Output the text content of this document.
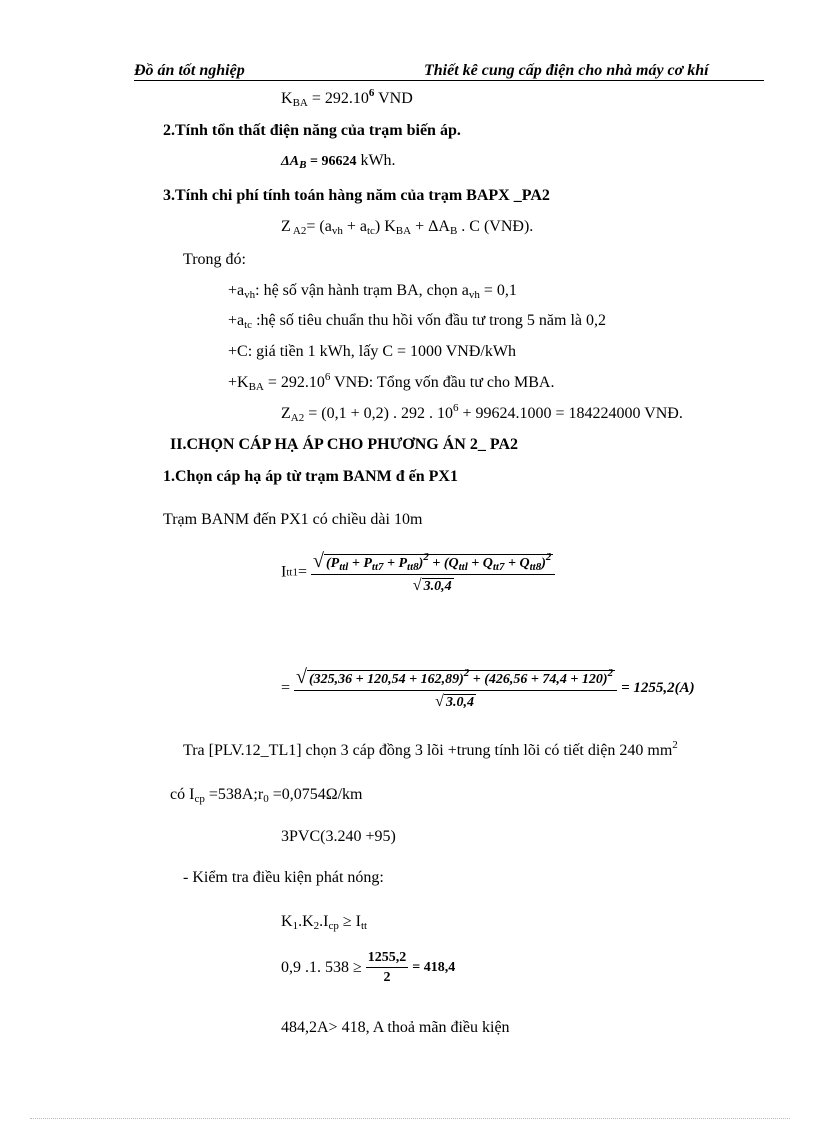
Đồ án tốt nghiệp	Thiết kê cung cấp điện cho nhà máy cơ khí
$K_{BA} = 292.10^6$ VND
2.Tính tổn thất điện năng của trạm biến áp.
$\Delta A_B = 96624$ kWh.
3.Tính chi phí tính toán hàng năm của trạm BAPX _PA2
Z $_{A2}= (a_{vh} + a_{tc}) K_{BA} + \Delta A_B$ . C (VNĐ).
Trong đó:
$+a_{vh}$: hệ số vận hành trạm BA, chọn $a_{vh} = 0,1$
$+a_{tc}$ :hệ số tiêu chuẩn thu hồi vốn đầu tư trong 5 năm là 0,2
+C: giá tiền 1 kWh, lấy C = 1000 VNĐ/kWh
$+K_{BA} = 292.10^6$ VNĐ: Tổng vốn đầu tư cho MBA.
$Z_{A2} = (0,1 + 0,2)$ . 292 . $10^6 + 99624.1000 = 184224000$ VNĐ.
II.CHỌN CÁP HẠ ÁP CHO PHƯƠNG ÁN 2_ PA2
1.Chọn cáp hạ áp từ trạm BANM đ ến PX1
Trạm BANM đến PX1 có chiều dài 10m
$Itt1= \frac{√ (P_{ttl} + P_{tt7} + P_{tt8})^2 + (Q_{ttl} + Q_{tt7} + Q_{tt8})^2}{√ 3.0,4}$
= $\frac{√ (325,36 + 120,54 + 162,89)^2 + (426,56 + 74,4 + 120)^2}{√ 3.0,4} = 1255,2(A)$
Tra [PLV.12_TL1] chọn 3 cáp đồng 3 lõi +trung tính lõi có tiết diện 240 $mm^2$
có $I_{cp}$ $=538A;r_0 =0,0754\Omega/km$
3PVC(3.240 +95)
- Kiểm tra điều kiện phát nóng:
$K_1.K_2.I_{cp} \ge I_{tt}$
0,9 .1. $538 \ge \frac{1255,2}{2} = 418,4$
484,2A> 418, A thoả mãn điều kiện
